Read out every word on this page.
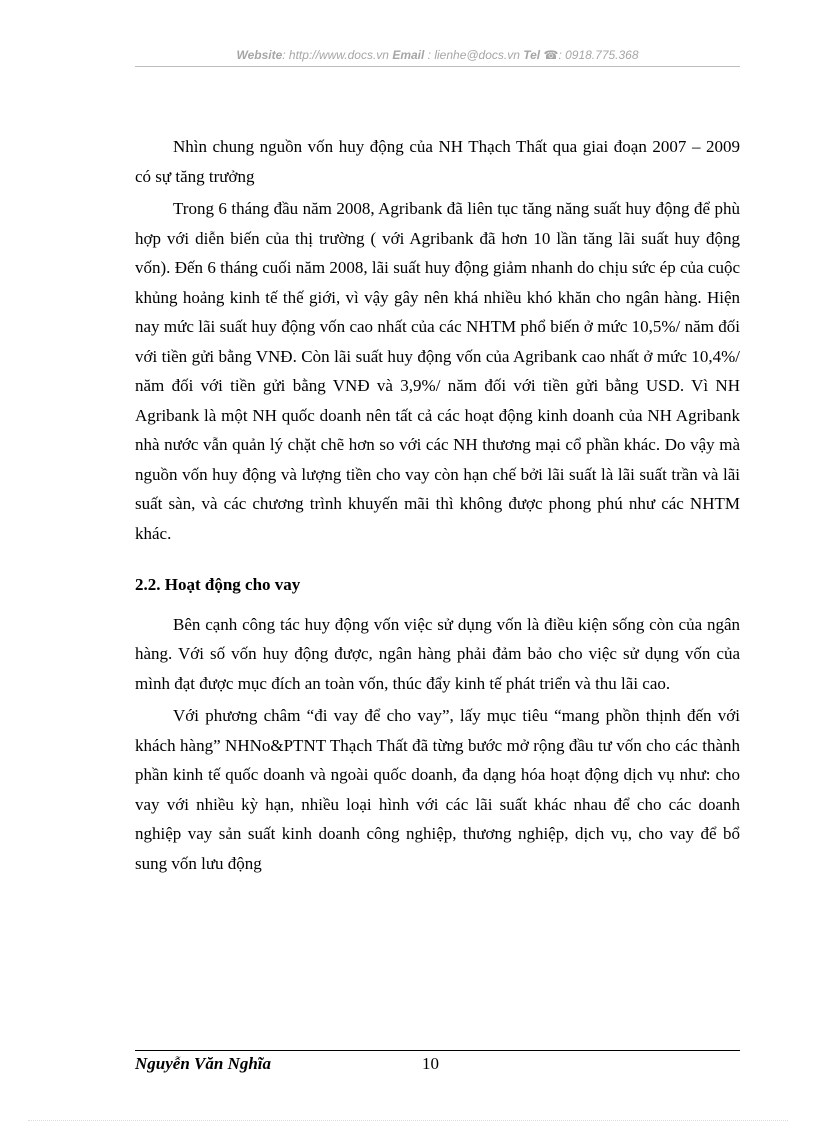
Website: http://www.docs.vn Email : lienhe@docs.vn Tel ☎: 0918.775.368

Nhìn chung nguồn vốn huy động của NH Thạch Thất qua giai đoạn 2007 – 2009 có sự tăng trưởng

Trong 6 tháng đầu năm 2008, Agribank đã liên tục tăng năng suất huy động để phù hợp với diễn biến của thị trường ( với Agribank đã hơn 10 lần tăng lãi suất huy động vốn). Đến 6 tháng cuối năm 2008, lãi suất huy động giảm nhanh do chịu sức ép của cuộc khủng hoảng kinh tế thế giới, vì vậy gây nên khá nhiều khó khăn cho ngân hàng. Hiện nay mức lãi suất huy động vốn cao nhất của các NHTM phổ biến ở mức 10,5%/ năm đối với tiền gửi bằng VNĐ. Còn lãi suất huy động vốn của Agribank cao nhất ở mức 10,4%/ năm đối với tiền gửi bằng VNĐ và 3,9%/ năm đối với tiền gửi bằng USD. Vì NH Agribank là một NH quốc doanh nên tất cả các hoạt động kinh doanh của NH Agribank nhà nước vẫn quản lý chặt chẽ hơn so với các NH thương mại cổ phần khác. Do vậy mà nguồn vốn huy động và lượng tiền cho vay còn hạn chế bởi lãi suất là lãi suất trần và lãi suất sàn, và các chương trình khuyến mãi thì không được phong phú như các NHTM khác.

2.2. Hoạt động cho vay

Bên cạnh công tác huy động vốn việc sử dụng vốn là điều kiện sống còn của ngân hàng. Với số vốn huy động được, ngân hàng phải đảm bảo cho việc sử dụng vốn của mình đạt được mục đích an toàn vốn, thúc đẩy kinh tế phát triển và thu lãi cao.

Với phương châm “đi vay để cho vay”, lấy mục tiêu “mang phồn thịnh đến với khách hàng” NHNo&PTNT Thạch Thất đã từng bước mở rộng đầu tư vốn cho các thành phần kinh tế quốc doanh và ngoài quốc doanh, đa dạng hóa hoạt động dịch vụ như: cho vay với nhiều kỳ hạn, nhiều loại hình với các lãi suất khác nhau để cho các doanh nghiệp vay sản suất kinh doanh công nghiệp, thương nghiệp, dịch vụ, cho vay để bổ sung vốn lưu động

Nguyễn Văn Nghĩa	10
